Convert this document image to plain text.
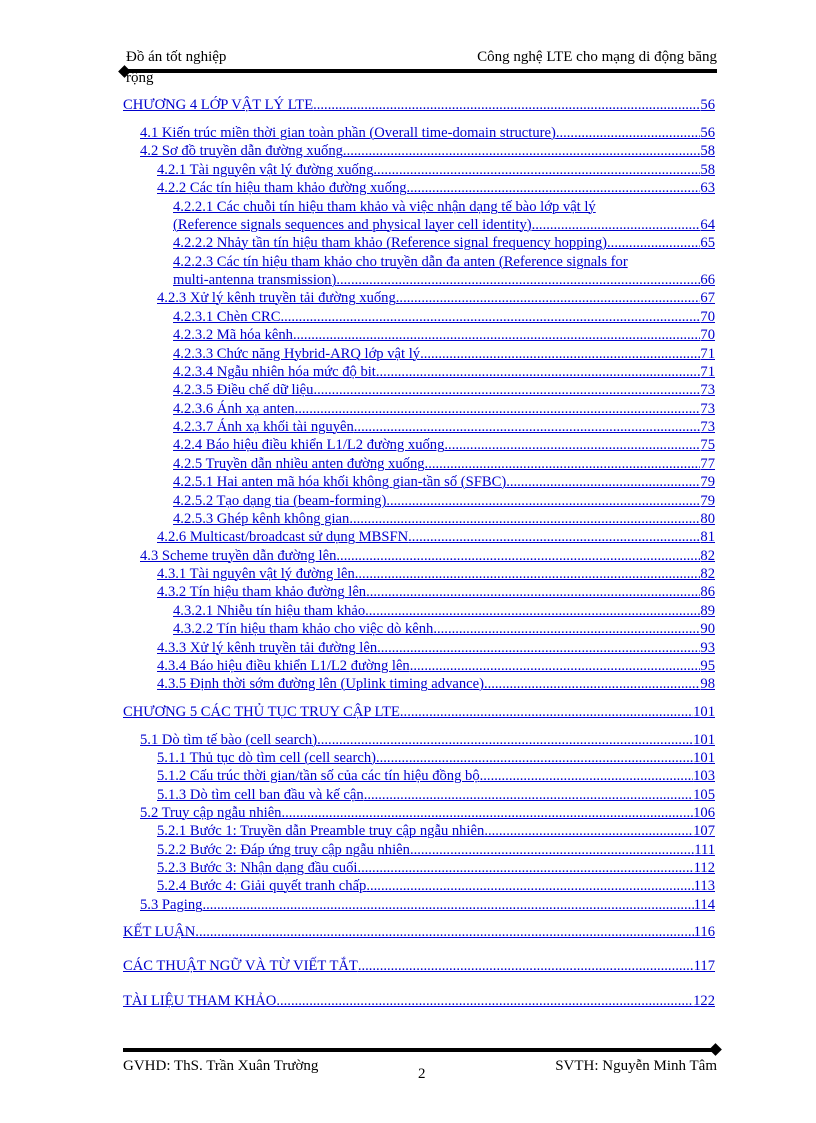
Đồ án tốt nghiệp	Công nghệ LTE cho mạng di động băng
rộng
CHƯƠNG 4 LỚP VẬT LÝ LTE .....	56
4.1 Kiến trúc miền thời gian toàn phần (Overall time-domain structure) .....	56
4.2 Sơ đồ truyền dẫn đường xuống .....	58
4.2.1 Tài nguyên vật lý đường xuống .....	58
4.2.2 Các tín hiệu tham khảo đường xuống .....	63
4.2.2.1 Các chuỗi tín hiệu tham khảo và việc nhận dạng tế bào lớp vật lý
(Reference signals sequences and physical layer cell identity) .....	64
4.2.2.2 Nhảy tần tín hiệu tham khảo (Reference signal frequency hopping) .....	65
4.2.2.3 Các tín hiệu tham khảo cho truyền dẫn đa anten (Reference signals for
multi-antenna transmission) .....	66
4.2.3 Xử lý kênh truyền tải đường xuống .....	67
4.2.3.1 Chèn CRC .....	70
4.2.3.2 Mã hóa kênh .....	70
4.2.3.3 Chức năng Hybrid-ARQ lớp vật lý .....	71
4.2.3.4 Ngẫu nhiên hóa mức độ bit .....	71
4.2.3.5 Điều chế dữ liệu .....	73
4.2.3.6 Ánh xạ anten .....	73
4.2.3.7 Ánh xạ khối tài nguyên .....	73
4.2.4 Báo hiệu điều khiển L1/L2 đường xuống .....	75
4.2.5 Truyền dẫn nhiều anten đường xuống .....	77
4.2.5.1 Hai anten mã hóa khối không gian-tần số (SFBC) .....	79
4.2.5.2 Tạo dạng tia (beam-forming) .....	79
4.2.5.3 Ghép kênh không gian .....	80
4.2.6 Multicast/broadcast sử dụng MBSFN .....	81
4.3 Scheme truyền dẫn đường lên .....	82
4.3.1 Tài nguyên vật lý đường lên .....	82
4.3.2 Tín hiệu tham khảo đường lên .....	86
4.3.2.1 Nhiễu tín hiệu tham khảo .....	89
4.3.2.2 Tín hiệu tham khảo cho việc dò kênh .....	90
4.3.3 Xử lý kênh truyền tải đường lên .....	93
4.3.4 Báo hiệu điều khiển L1/L2 đường lên .....	95
4.3.5 Định thời sớm đường lên (Uplink timing advance) .....	98
CHƯƠNG 5 CÁC THỦ TỤC TRUY CẬP LTE .....	101
5.1 Dò tìm tế bào (cell search) .....	101
5.1.1 Thủ tục dò tìm cell (cell search) .....	101
5.1.2 Cấu trúc thời gian/tần số của các tín hiệu đồng bộ .....	103
5.1.3 Dò tìm cell ban đầu và kế cận .....	105
5.2 Truy cập ngẫu nhiên .....	106
5.2.1 Bước 1: Truyền dẫn Preamble truy cập ngẫu nhiên .....	107
5.2.2 Bước 2: Đáp ứng truy cập ngẫu nhiên .....	111
5.2.3 Bước 3: Nhận dạng đầu cuối .....	112
5.2.4 Bước 4: Giải quyết tranh chấp .....	113
5.3 Paging .....	114
KẾT LUẬN .....	116
CÁC THUẬT NGỮ VÀ TỪ VIẾT TẮT .....	117
TÀI LIỆU THAM KHẢO .....	122
GVHD: ThS. Trần Xuân Trường	2	SVTH: Nguyễn Minh Tâm
